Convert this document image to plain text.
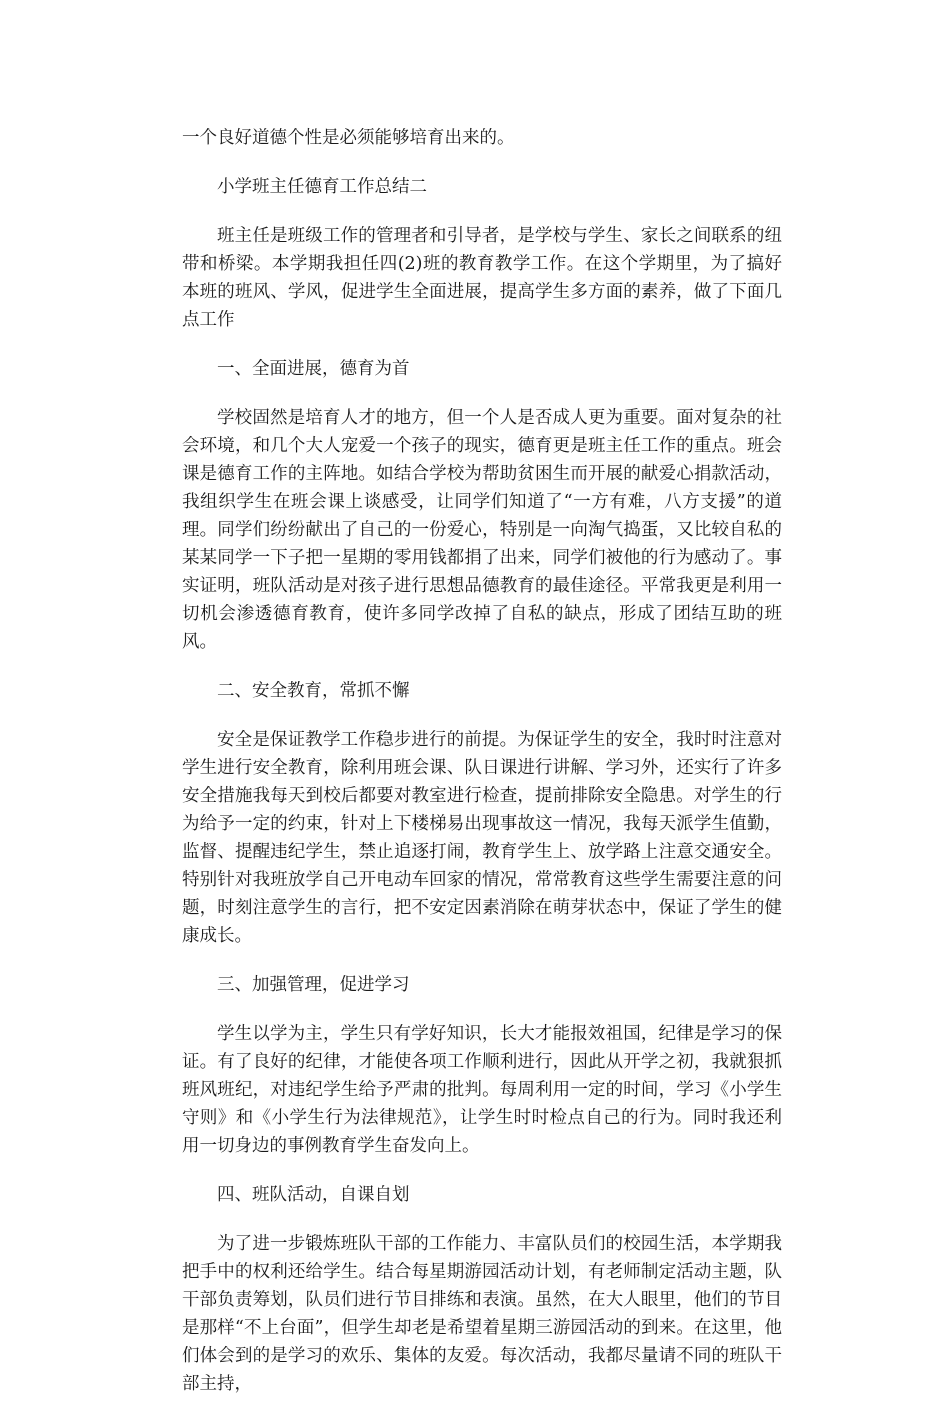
一个良好道德个性是必须能够培育出来的。

小学班主任德育工作总结二

班主任是班级工作的管理者和引导者，是学校与学生、家长之间联系的纽带和桥梁。本学期我担任四(2)班的教育教学工作。在这个学期里，为了搞好本班的班风、学风，促进学生全面进展，提高学生多方面的素养，做了下面几点工作

一、全面进展，德育为首

学校固然是培育人才的地方，但一个人是否成人更为重要。面对复杂的社会环境，和几个大人宠爱一个孩子的现实，德育更是班主任工作的重点。班会课是德育工作的主阵地。如结合学校为帮助贫困生而开展的献爱心捐款活动，我组织学生在班会课上谈感受，让同学们知道了“一方有难，八方支援”的道理。同学们纷纷献出了自己的一份爱心，特别是一向淘气捣蛋，又比较自私的某某同学一下子把一星期的零用钱都捐了出来，同学们被他的行为感动了。事实证明，班队活动是对孩子进行思想品德教育的最佳途径。平常我更是利用一切机会渗透德育教育，使许多同学改掉了自私的缺点，形成了团结互助的班风。

二、安全教育，常抓不懈

安全是保证教学工作稳步进行的前提。为保证学生的安全，我时时注意对学生进行安全教育，除利用班会课、队日课进行讲解、学习外，还实行了许多安全措施我每天到校后都要对教室进行检查，提前排除安全隐患。对学生的行为给予一定的约束，针对上下楼梯易出现事故这一情况，我每天派学生值勤，监督、提醒违纪学生，禁止追逐打闹，教育学生上、放学路上注意交通安全。特别针对我班放学自己开电动车回家的情况，常常教育这些学生需要注意的问题，时刻注意学生的言行，把不安定因素消除在萌芽状态中，保证了学生的健康成长。

三、加强管理，促进学习

学生以学为主，学生只有学好知识，长大才能报效祖国，纪律是学习的保证。有了良好的纪律，才能使各项工作顺利进行，因此从开学之初，我就狠抓班风班纪，对违纪学生给予严肃的批判。每周利用一定的时间，学习《小学生守则》和《小学生行为法律规范》，让学生时时检点自己的行为。同时我还利用一切身边的事例教育学生奋发向上。

四、班队活动，自课自划

为了进一步锻炼班队干部的工作能力、丰富队员们的校园生活，本学期我把手中的权利还给学生。结合每星期游园活动计划，有老师制定活动主题，队干部负责筹划，队员们进行节目排练和表演。虽然，在大人眼里，他们的节目是那样“不上台面”，但学生却老是希望着星期三游园活动的到来。在这里，他们体会到的是学习的欢乐、集体的友爱。每次活动，我都尽量请不同的班队干部主持，
